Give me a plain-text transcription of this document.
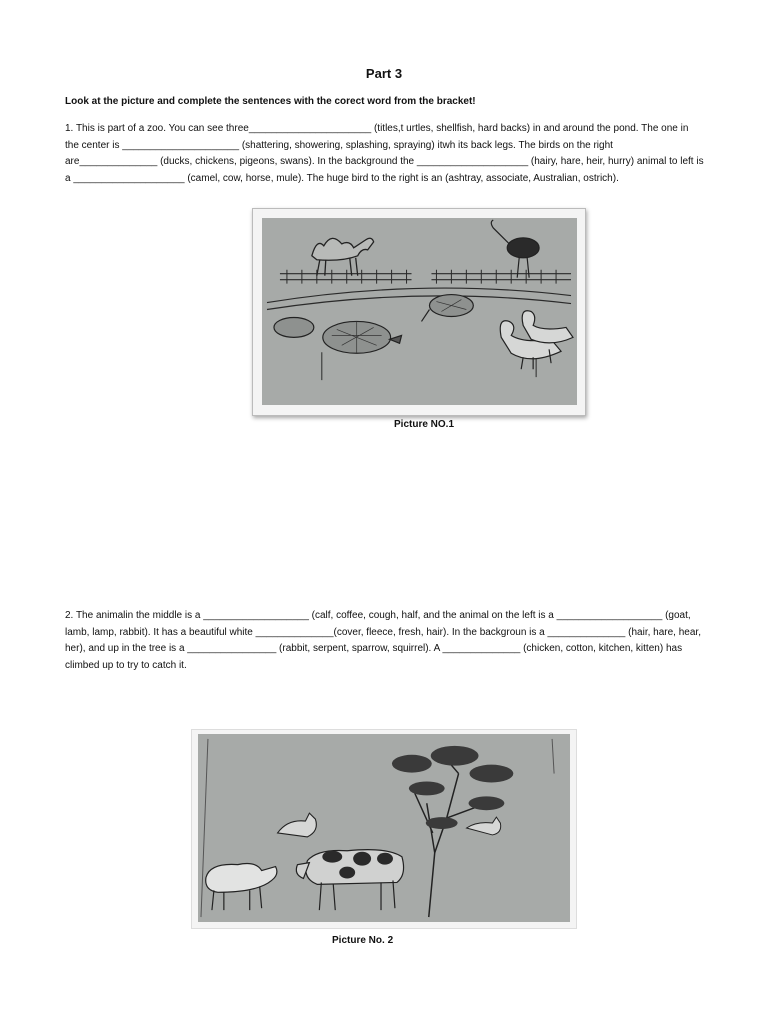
Part 3
Look at the picture and complete the sentences with the corect word from the bracket!
1. This is part of a zoo. You can see three______________________ (titles,t urtles, shellfish, hard backs) in and around the pond. The one in the center is _____________________ (shattering, showering, splashing, spraying) itwh its back legs. The birds on the right are______________ (ducks, chickens, pigeons, swans). In the background the ____________________ (hairy, hare, heir, hurry) animal to left is a ____________________ (camel, cow, horse, mule). The huge bird to the right is an (ashtray, associate, Australian, ostrich).
Picture NO.1
2. The animalin the middle is a ___________________ (calf, coffee, cough, half, and the animal on the left is a ___________________ (goat, lamb, lamp, rabbit). It has a beautiful white ______________(cover, fleece, fresh, hair). In the backgroun is a ______________ (hair, hare, hear, her), and up in the tree is a ________________ (rabbit, serpent, sparrow, squirrel). A ______________ (chicken, cotton, kitchen, kitten) has climbed up to try to catch it.
Picture No. 2
